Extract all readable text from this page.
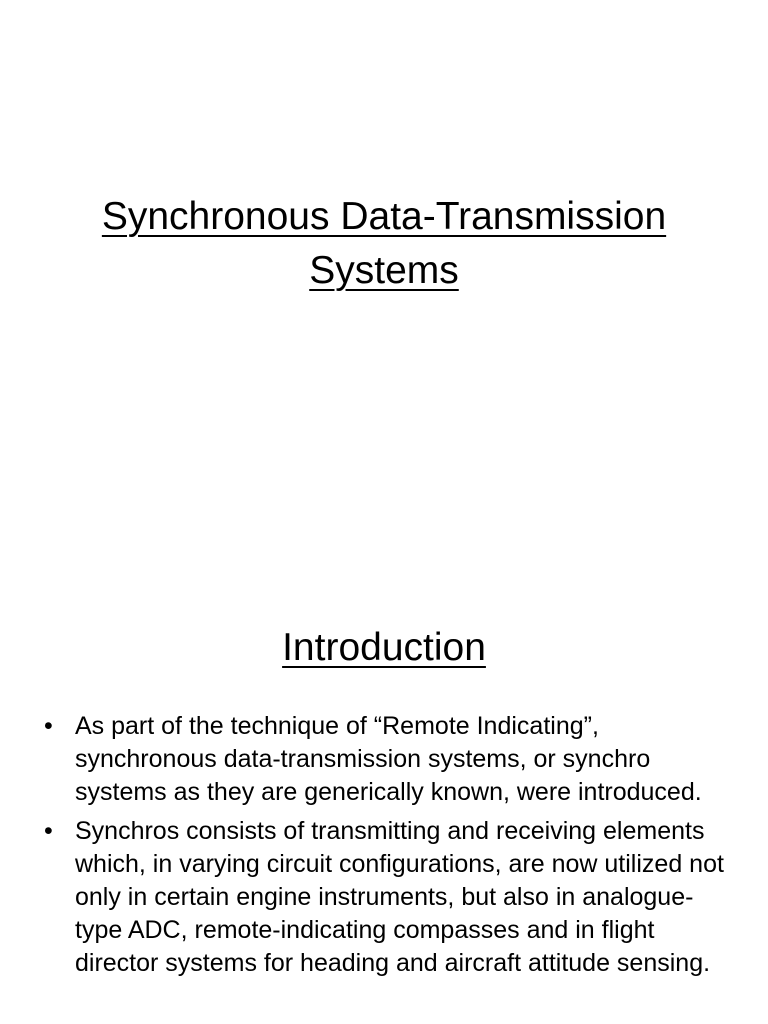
Synchronous Data-Transmission
Systems
Introduction
• As part of the technique of “Remote Indicating”, synchronous data-transmission systems, or synchro systems as they are generically known, were introduced.
• Synchros consists of transmitting and receiving elements which, in varying circuit configurations, are now utilized not only in certain engine instruments, but also in analogue-type ADC, remote-indicating compasses and in flight director systems for heading and aircraft attitude sensing.
